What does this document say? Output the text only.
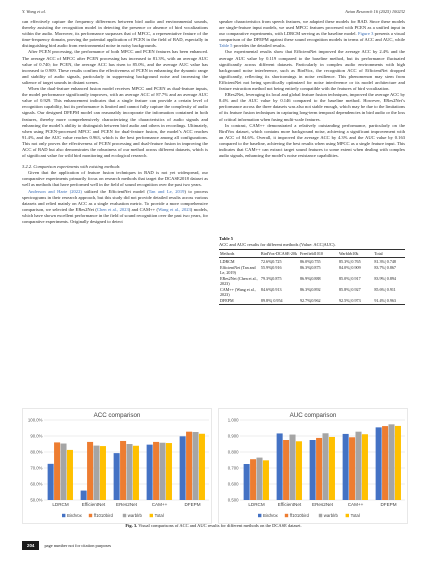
Y. Wang et al.	Avian Research 16 (2025) 100232

can effectively capture the frequency differences between bird audio and environmental sounds, thereby assisting the recognition model in detecting the presence or absence of bird vocalizations within the audio. Moreover, its performance surpasses that of MFCC, a representative feature of the time-frequency domain, proving the potential application of PCEN in the field of BAD, especially in distinguishing bird audio from environmental noise in noisy backgrounds.

After PCEN processing, the performance of both MFCC and PCEN features has been enhanced. The average ACC of MFCC after PCEN processing has increased to 81.3%, with an average AUC value of 0.740; for PCEN, the average ACC has risen to 85.0%, and the average AUC value has increased to 0.909. These results confirm the effectiveness of PCEN in enhancing the dynamic range and stability of audio signals, particularly in suppressing background noise and increasing the salience of target sounds in distant scenes.

When the dual-feature enhanced fusion model receives MPCC and PCEN as dual-feature inputs, the model performance significantly improves, with an average ACC of 87.7% and an average AUC value of 0.929. This enhancement indicates that a single feature can provide a certain level of recognition capability, but its performance is limited and cannot fully capture the complexity of audio signals. Our designed DFEPM model can reasonably incorporate the information contained in both features, thereby more comprehensively characterizing the characteristics of audio signals and enhancing the model’s ability to distinguish between bird audio and others in recordings. Ultimately, when using PCEN-processed MPCC and PCEN for dual-feature fusion, the model’s ACC reaches 91.4%, and the AUC value reaches 0.963, which is the best performance among all configurations. This not only proves the effectiveness of PCEN processing and dual-feature fusion in improving the ACC of BAD but also demonstrates the robustness of our method across different datasets, which is of significant value for wild bird monitoring and ecological research.

3.2.2. Comparison experiments with existing methods

Given that the application of feature fusion techniques in BAD is not yet widespread, our comparative experiments primarily focus on research methods that target the DCASE2018 dataset as well as methods that have performed well in the field of sound recognition over the past two years.

Anderson and Harte (2022) utilized the EfficientNet model (Tan and Le, 2019) to process spectrograms in their research approach, but this study did not provide detailed results across various datasets and relied mainly on ACC as a single evaluation metric. To provide a more comprehensive comparison, we selected the ERes2Net (Chen et al., 2023) and CAM++ (Wang et al., 2023) models, which have shown excellent performance in the field of sound recognition over the past two years, for comparative experiments. Originally designed to detect

speaker characteristics from speech features, we adapted these models for BAD. Since these models are single-feature input models, we used MPCC features processed with PCEN as a unified input in our comparative experiments, with LDRCM serving as the baseline model. Figure 3 presents a visual comparison of the DFEPM against these sound recognition models in terms of ACC and AUC, while Table 5 provides the detailed results.

Our experimental results show that EfficientNet improved the average ACC by 2.4% and the average AUC value by 0.119 compared to the baseline method, but its performance fluctuated significantly across different datasets. Particularly in complex audio environments with high background noise interference, such as BirdVox, the recognition ACC of EfficientNet dropped significantly, reflecting its shortcomings in noise resilience. This phenomenon may stem from EfficientNet not being specifically optimized for noise interference or its model architecture and feature extraction method not being entirely compatible with the features of bird vocalization.

ERes2Net, leveraging its local and global feature fusion techniques, improved the average ACC by 8.4% and the AUC value by 0.146 compared to the baseline method. However, ERes2Net’s performance across the three datasets was also not stable enough, which may be due to the limitations of its feature fusion techniques in capturing long-term temporal dependencies in bird audio or the loss of critical information when fusing multi-scale features.

In contrast, CAM++ demonstrated a relatively outstanding performance, particularly on the BirdVox dataset, which contains more background noise, achieving a significant improvement with an ACC of 84.6%. Overall, it improved the average ACC by 4.3% and the AUC value by 0.163 compared to the baseline, achieving the best results when using MPCC as a single feature input. This indicates that CAM++ can extract target sound features to some extent when dealing with complex audio signals, enhancing the model’s noise resistance capabilities.

Table 5
ACC and AUC results for different methods (Value: ACC|AUC).
Methods	BirdVox-DCASE-20k	Freefield1010	Warblrb10k	Total
LDRCM	72.6%|0.725	86.0%|0.755	85.3%| 0.765	81.3%| 0.748
EfficientNet (Tan and Le, 2019)	55.9%|0.916	86.3%|0.875	84.0%| 0.909	83.7%| 0.867
ERes2Net (Chen et al., 2023)	79.3%|0.875	86.9%|0.888	85.0%| 0.917	83.9%| 0.894
CAM++ (Wang et al., 2023)	84.6%|0.913	86.3%|0.892	85.8%| 0.927	85.6%| 0.911
DFEPM	89.8%| 0.954	92.7%|0.962	92.5%| 0.973	91.4%| 0.963
ACC comparison
50.0%
60.0%
70.0%
80.0%
90.0%
100.0%
LDRCM	EfficientNet ERes2Net	CAM++	DFEPM
BirdVox	ff1010bird	warblrb	Total
AUC comparison
0.500
0.600
0.700
0.800
0.900
1.000
LDRCM	EfficientNet ERes2Net	CAM++	DFEPM
BirdVox	ff1010bird	warblrb	Total
Fig. 3. Visual comparisons of ACC and AUC results for different methods on the DCASE dataset.
204 page number not for citation purposes
